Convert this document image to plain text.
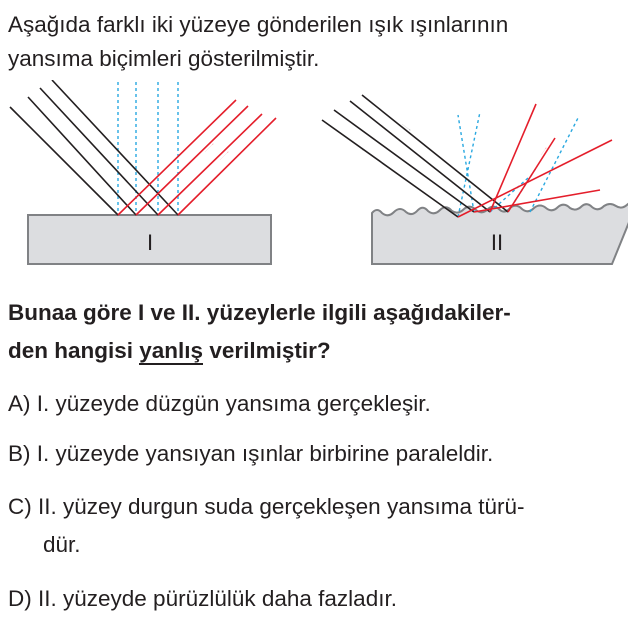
Aşağıda farklı iki yüzeye gönderilen ışık ışınlarının
yansıma biçimleri gösterilmiştir.
I	II
Bunaa göre I ve II. yüzeylerle ilgili aşağıdakiler-
den hangisi yanlış verilmiştir?
A) I. yüzeyde düzgün yansıma gerçekleşir.
B) I. yüzeyde yansıyan ışınlar birbirine paraleldir.
C) II. yüzey durgun suda gerçekleşen yansıma türü-
dür.
D) II. yüzeyde pürüzlülük daha fazladır.
